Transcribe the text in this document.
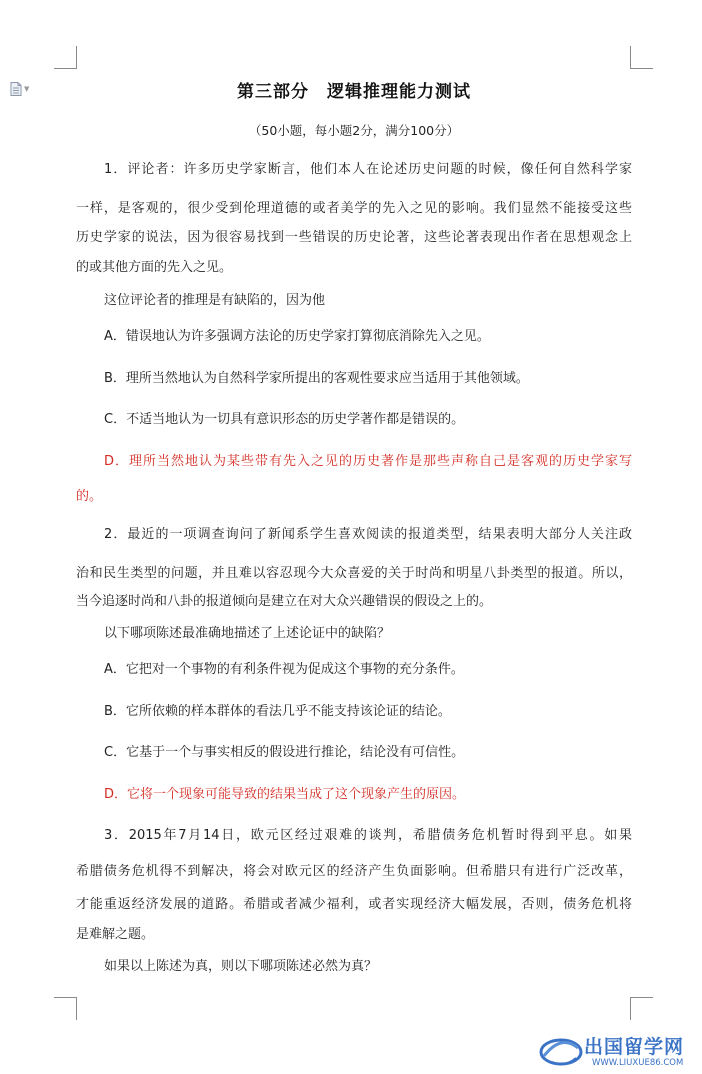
▼	第三部分　逻辑推理能力测试
（50小题，每小题2分，满分100分）
1．评论者：许多历史学家断言，他们本人在论述历史问题的时候，像任何自然科学家
一样，是客观的，很少受到伦理道德的或者美学的先入之见的影响。我们显然不能接受这些
历史学家的说法，因为很容易找到一些错误的历史论著，这些论著表现出作者在思想观念上
的或其他方面的先入之见。
这位评论者的推理是有缺陷的，因为他
A．错误地认为许多强调方法论的历史学家打算彻底消除先入之见。
B．理所当然地认为自然科学家所提出的客观性要求应当适用于其他领域。
C．不适当地认为一切具有意识形态的历史学著作都是错误的。
D．理所当然地认为某些带有先入之见的历史著作是那些声称自己是客观的历史学家写
的。
2．最近的一项调查询问了新闻系学生喜欢阅读的报道类型，结果表明大部分人关注政
治和民生类型的问题，并且难以容忍现今大众喜爱的关于时尚和明星八卦类型的报道。所以，
当今追逐时尚和八卦的报道倾向是建立在对大众兴趣错误的假设之上的。
以下哪项陈述最准确地描述了上述论证中的缺陷？
A．它把对一个事物的有利条件视为促成这个事物的充分条件。
B．它所依赖的样本群体的看法几乎不能支持该论证的结论。
C．它基于一个与事实相反的假设进行推论，结论没有可信性。
D．它将一个现象可能导致的结果当成了这个现象产生的原因。
3．2015年7月14日，欧元区经过艰难的谈判，希腊债务危机暂时得到平息。如果
希腊债务危机得不到解决，将会对欧元区的经济产生负面影响。但希腊只有进行广泛改革，
才能重返经济发展的道路。希腊或者减少福利，或者实现经济大幅发展，否则，债务危机将
是难解之题。
如果以上陈述为真，则以下哪项陈述必然为真？
出国留学网
WWW.LIUXUE86.COM
